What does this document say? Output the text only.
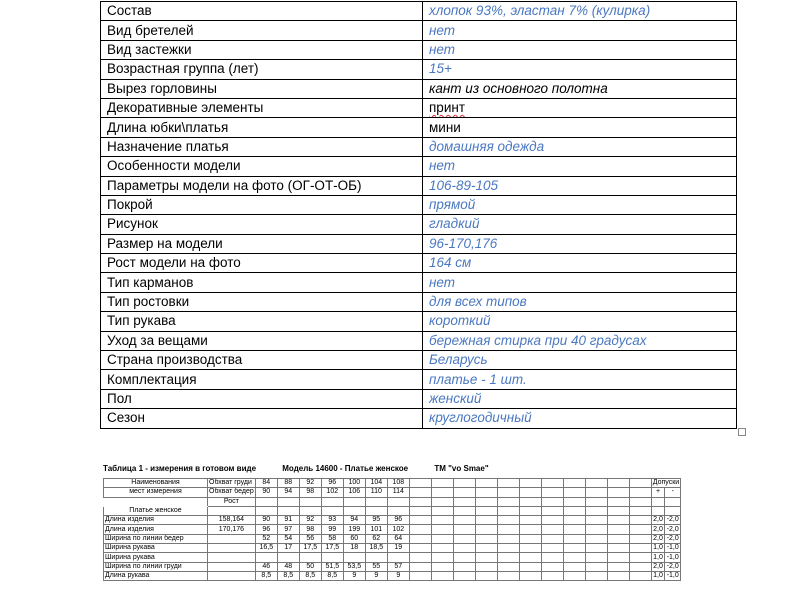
Состав	хлопок 93%, эластан 7% (кулирка)
Вид бретелей	нет
Вид застежки	нет
Возрастная группа (лет)	15+
Вырез горловины	кант из основного полотна
Декоративные элементы	принт
Длина юбки\платья	мини
Назначение платья	домашняя одежда
Особенности модели	нет
Параметры модели на фото (ОГ-ОТ-ОБ)	106-89-105
Покрой	прямой
Рисунок	гладкий
Размер на модели	96-170,176
Рост модели на фото	164 см
Тип карманов	нет
Тип ростовки	для всех типов
Тип рукава	короткий
Уход за вещами	бережная стирка при 40 градусах
Страна производства	Беларусь
Комплектация	платье - 1 шт.
Пол	женский
Сезон	круглогодичный
Таблица 1 - измерения в готовом виде	Модель 14600 - Платье женское	ТМ "vo Smae"
Наименования	Обхват груди	84	88	92	96	100	104	108												Допуски	
мест измерения	Обхват бедер	90	94	98	102	106	110	114												+	-
	Рост																				
Платье женское																					
Длина изделия	158,164	90	91	92	93	94	95	96												2,0	-2,0
Длина изделия	170,176	96	97	98	99	199	101	102												2,0	-2,0
Ширина по линии бедер		52	54	56	58	60	62	64												2,0	-2,0
Ширина рукава		16,5	17	17,5	17,5	18	18,5	19												1,0	-1,0
Ширина рукава																				1,0	-1,0
Ширина по линии груди		46	48	50	51,5	53,5	55	57												2,0	-2,0
Длина рукава		8,5	8,5	8,5	8,5	9	9	9												1,0	-1,0
